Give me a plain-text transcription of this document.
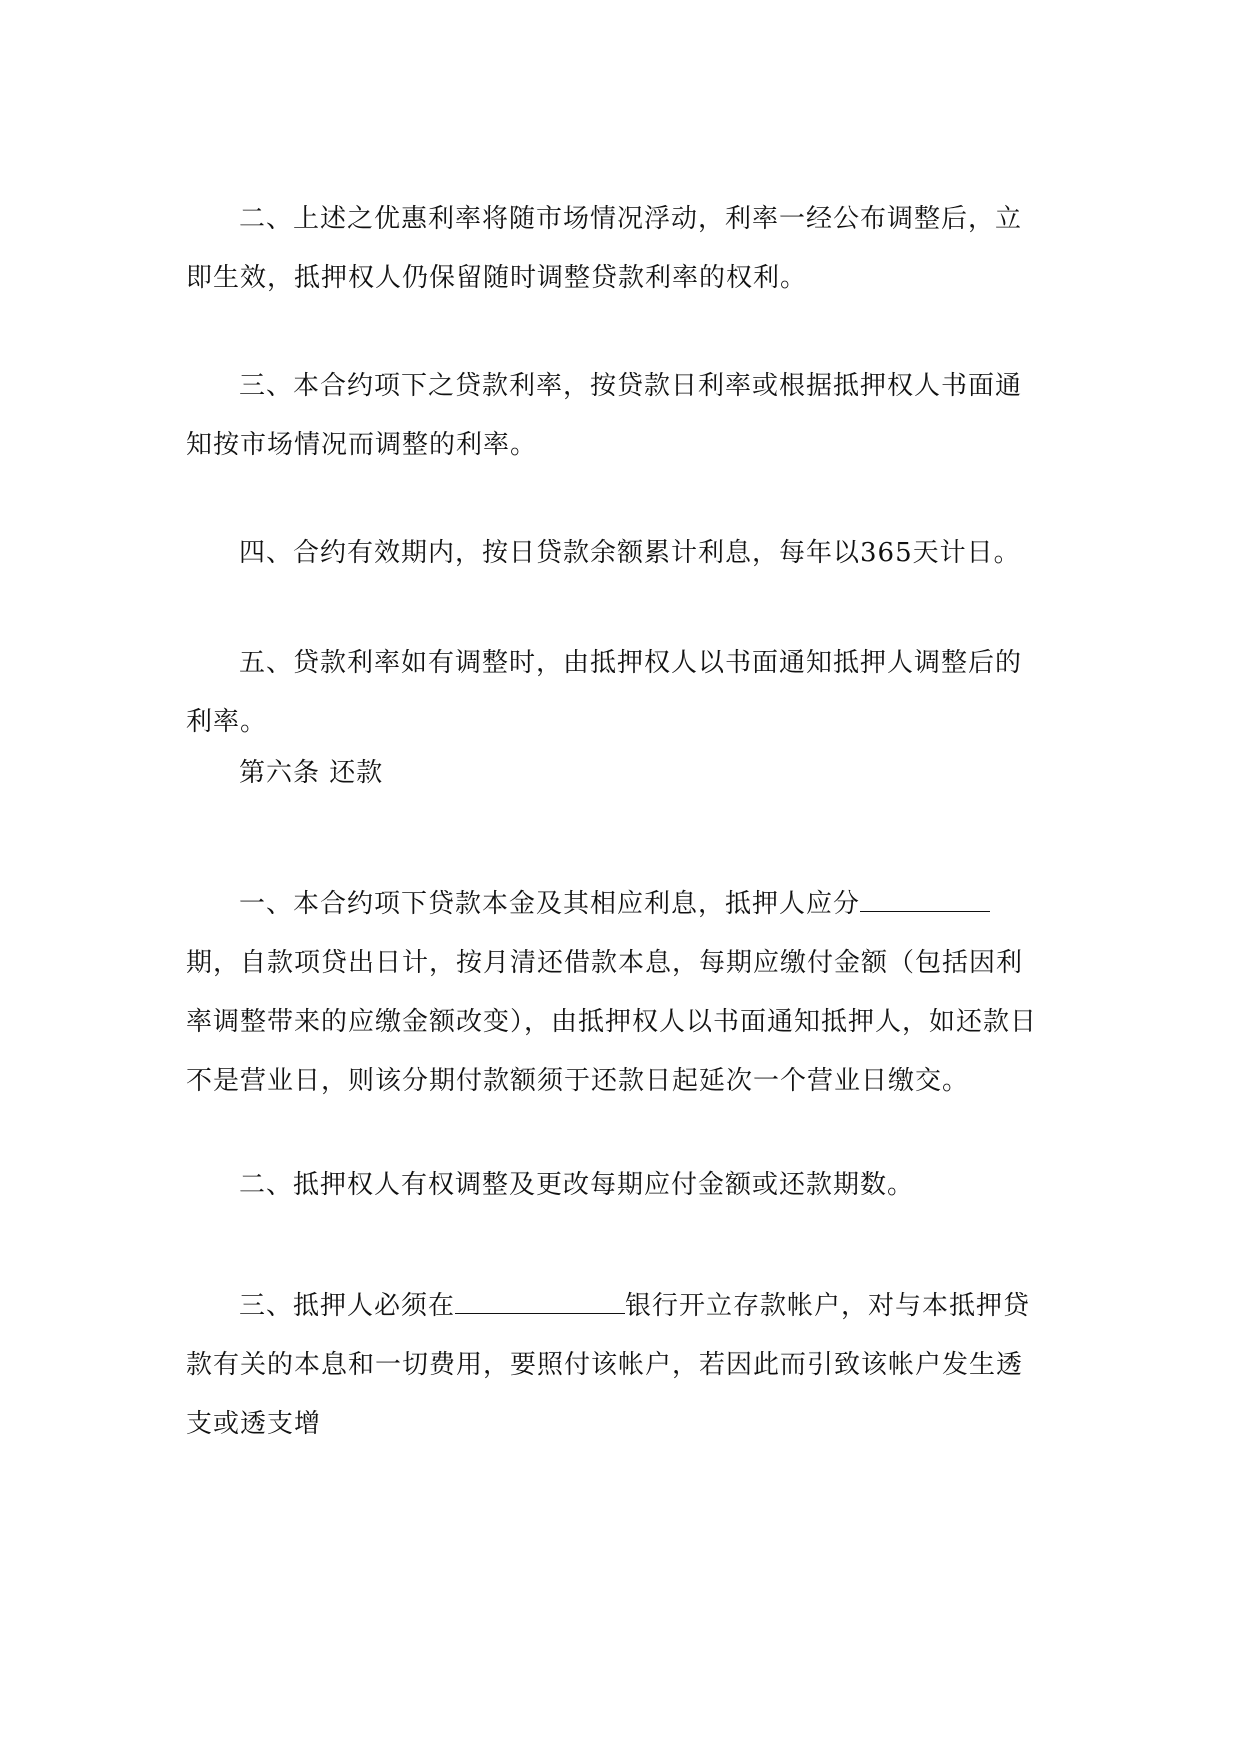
二、上述之优惠利率将随市场情况浮动，利率一经公布调整后，立即生效，抵押权人仍保留随时调整贷款利率的权利。

三、本合约项下之贷款利率，按贷款日利率或根据抵押权人书面通知按市场情况而调整的利率。

四、合约有效期内，按日贷款余额累计利息，每年以365天计日。

五、贷款利率如有调整时，由抵押权人以书面通知抵押人调整后的利率。

第六条 还款

一、本合约项下贷款本金及其相应利息，抵押人应分期，自款项贷出日计，按月清还借款本息，每期应缴付金额（包括因利率调整带来的应缴金额改变），由抵押权人以书面通知抵押人，如还款日不是营业日，则该分期付款额须于还款日起延次一个营业日缴交。

二、抵押权人有权调整及更改每期应付金额或还款期数。

三、抵押人必须在	银行开立存款帐户，对与本抵押贷款有关的本息和一切费用，要照付该帐户，若因此而引致该帐户发生透支或透支增
